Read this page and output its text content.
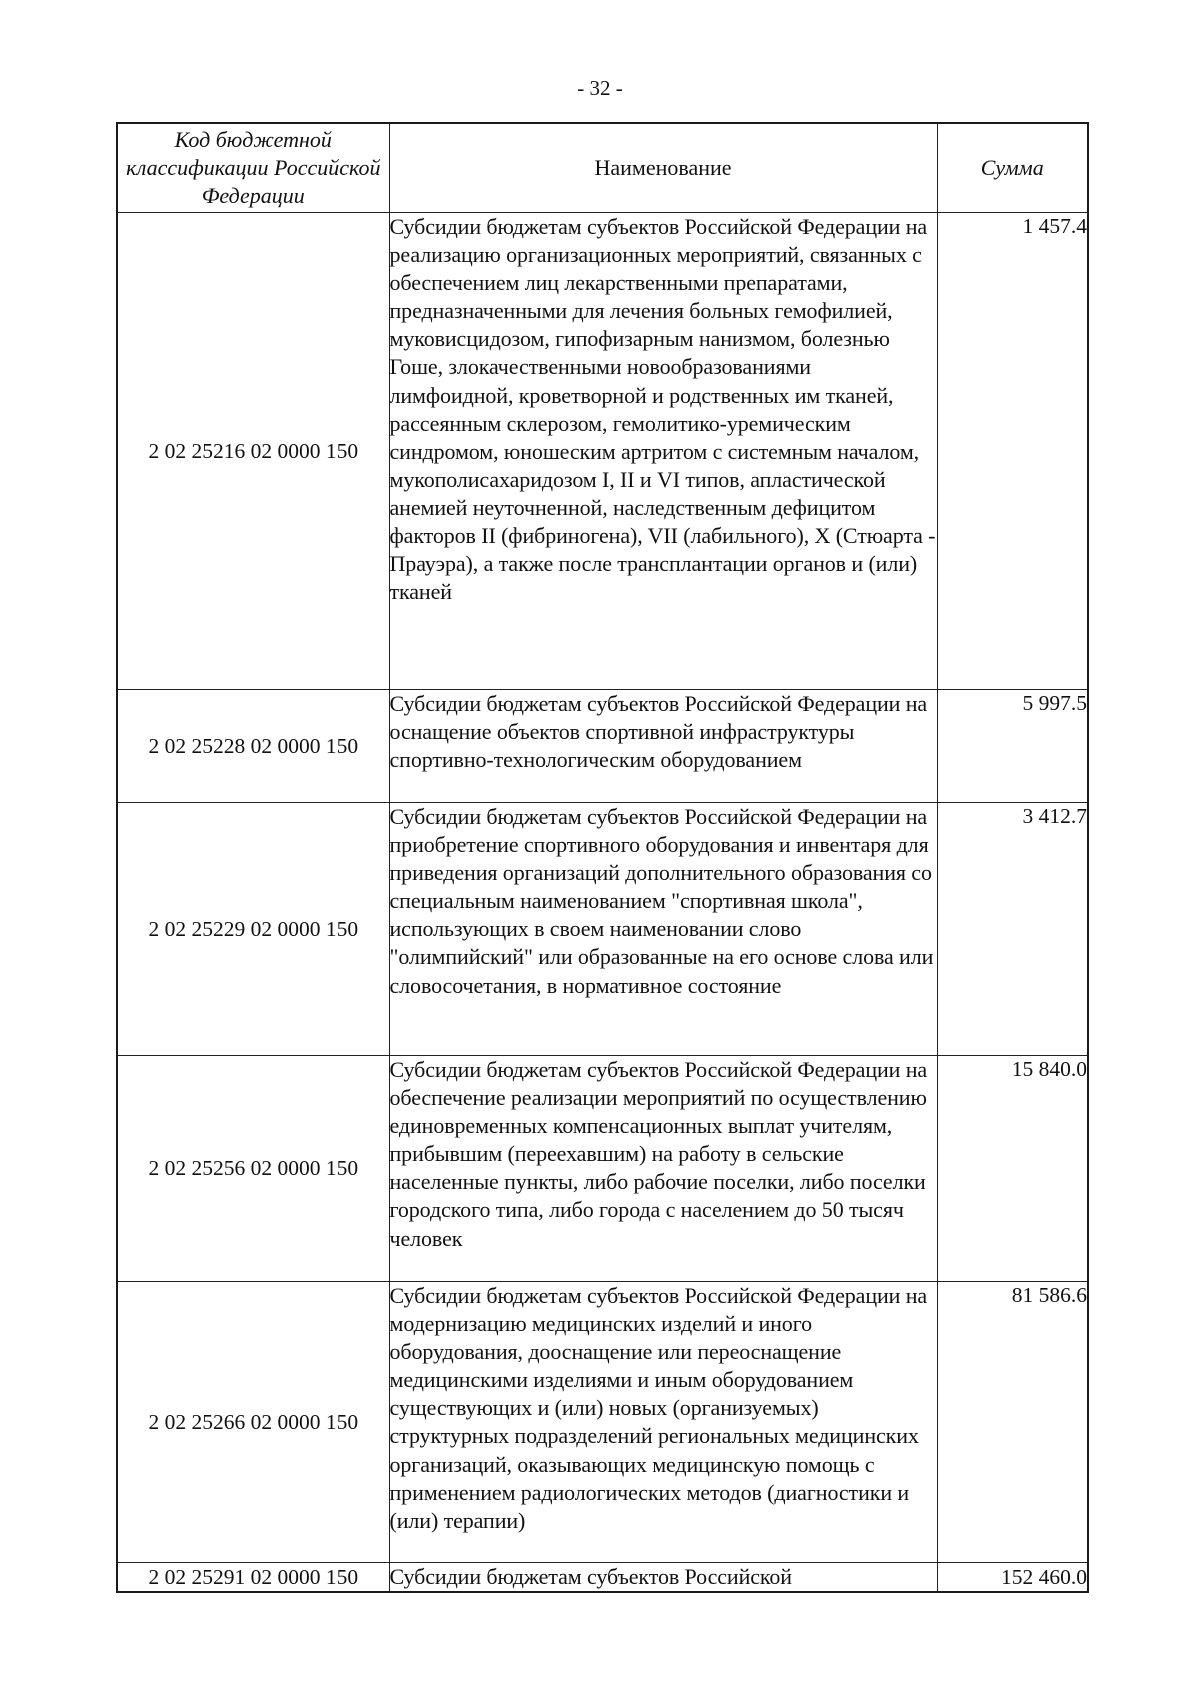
- 32 -
Код бюджетной классификации Российской Федерации	Наименование	Сумма
2 02 25216 02 0000 150	Субсидии бюджетам субъектов Российской Федерации на реализацию организационных мероприятий, связанных с обеспечением лиц лекарственными препаратами, предназначенными для лечения больных гемофилией, муковисцидозом, гипофизарным нанизмом, болезнью Гоше, злокачественными новообразованиями лимфоидной, кроветворной и родственных им тканей, рассеянным склерозом, гемолитико-уремическим синдромом, юношеским артритом с системным началом, мукополисахаридозом I, II и VI типов, апластической анемией неуточненной, наследственным дефицитом факторов II (фибриногена), VII (лабильного), X (Стюарта - Прауэра), а также после трансплантации органов и (или) тканей	1 457.4
2 02 25228 02 0000 150	Субсидии бюджетам субъектов Российской Федерации на оснащение объектов спортивной инфраструктуры спортивно-технологическим оборудованием	5 997.5
2 02 25229 02 0000 150	Субсидии бюджетам субъектов Российской Федерации на приобретение спортивного оборудования и инвентаря для приведения организаций дополнительного образования со специальным наименованием "спортивная школа", использующих в своем наименовании слово "олимпийский" или образованные на его основе слова или словосочетания, в нормативное состояние	3 412.7
2 02 25256 02 0000 150	Субсидии бюджетам субъектов Российской Федерации на обеспечение реализации мероприятий по осуществлению единовременных компенсационных выплат учителям, прибывшим (переехавшим) на работу в сельские населенные пункты, либо рабочие поселки, либо поселки городского типа, либо города с населением до 50 тысяч человек	15 840.0
2 02 25266 02 0000 150	Субсидии бюджетам субъектов Российской Федерации на модернизацию медицинских изделий и иного оборудования, дооснащение или переоснащение медицинскими изделиями и иным оборудованием существующих и (или) новых (организуемых) структурных подразделений региональных медицинских организаций, оказывающих медицинскую помощь с применением радиологических методов (диагностики и (или) терапии)	81 586.6
2 02 25291 02 0000 150	Субсидии бюджетам субъектов Российской	152 460.0
